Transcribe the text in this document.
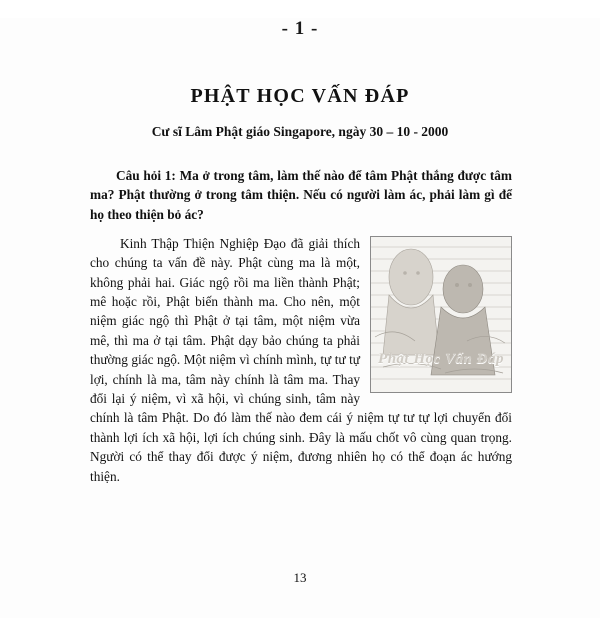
- 1 -
PHẬT HỌC VẤN ĐÁP
Cư sĩ Lâm Phật giáo Singapore, ngày 30 – 10 - 2000
Câu hỏi 1: Ma ở trong tâm, làm thế nào để tâm Phật thắng được tâm ma? Phật thường ở trong tâm thiện. Nếu có người làm ác, phải làm gì để họ theo thiện bỏ ác?
Phật Học Vấn Đáp

Kinh Thập Thiện Nghiệp Đạo đã giải thích cho chúng ta vấn đề này. Phật cùng ma là một, không phải hai. Giác ngộ rồi ma liền thành Phật; mê hoặc rồi, Phật biến thành ma. Cho nên, một niệm giác ngộ thì Phật ở tại tâm, một niệm vừa mê, thì ma ở tại tâm. Phật dạy bảo chúng ta phải thường giác ngộ. Một niệm vì chính mình, tự tư tự lợi, chính là ma, tâm này chính là tâm ma. Thay đổi lại ý niệm, vì xã hội, vì chúng sinh, tâm này chính là tâm Phật. Do đó làm thế nào đem cái ý niệm tự tư tự lợi chuyển đổi thành lợi ích xã hội, lợi ích chúng sinh. Đây là mấu chốt vô cùng quan trọng. Người có thể thay đổi được ý niệm, đương nhiên họ có thể đoạn ác hướng thiện.

13
